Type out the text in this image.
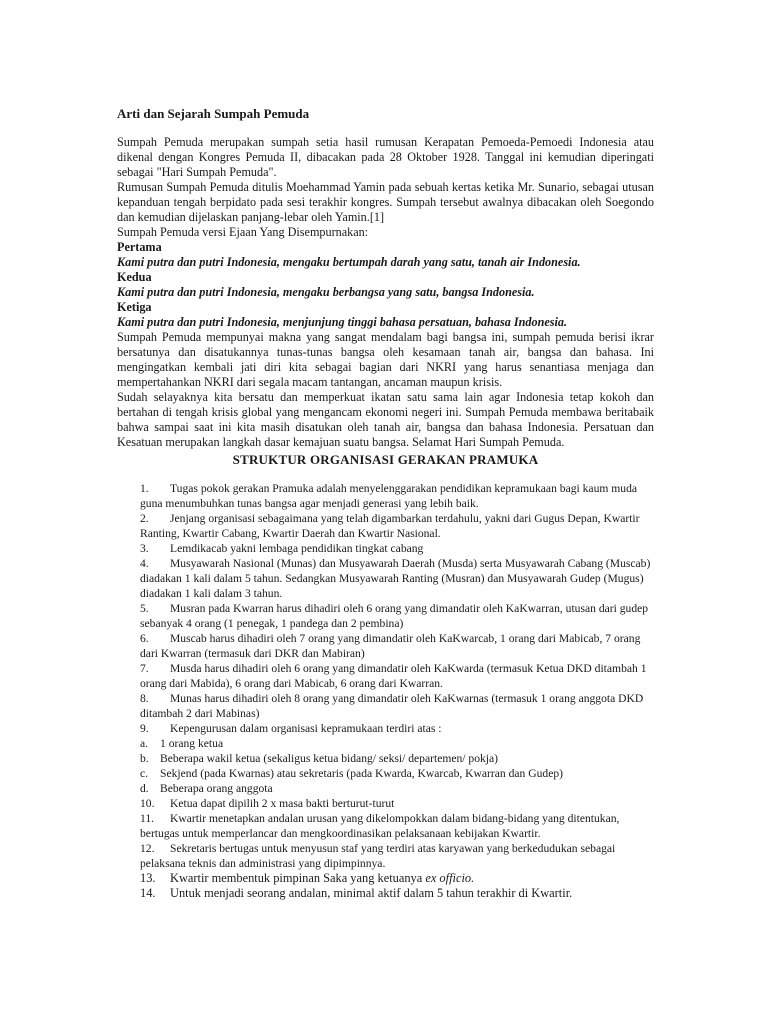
Arti dan Sejarah Sumpah Pemuda

Sumpah Pemuda merupakan sumpah setia hasil rumusan Kerapatan Pemoeda-Pemoedi Indonesia atau dikenal dengan Kongres Pemuda II, dibacakan pada 28 Oktober 1928. Tanggal ini kemudian diperingati sebagai "Hari Sumpah Pemuda".

Rumusan Sumpah Pemuda ditulis Moehammad Yamin pada sebuah kertas ketika Mr. Sunario, sebagai utusan kepanduan tengah berpidato pada sesi terakhir kongres. Sumpah tersebut awalnya dibacakan oleh Soegondo dan kemudian dijelaskan panjang-lebar oleh Yamin.[1]

Sumpah Pemuda versi Ejaan Yang Disempurnakan:

Pertama

Kami putra dan putri Indonesia, mengaku bertumpah darah yang satu, tanah air Indonesia.

Kedua

Kami putra dan putri Indonesia, mengaku berbangsa yang satu, bangsa Indonesia.

Ketiga

Kami putra dan putri Indonesia, menjunjung tinggi bahasa persatuan, bahasa Indonesia.

Sumpah Pemuda mempunyai makna yang sangat mendalam bagi bangsa ini, sumpah pemuda berisi ikrar bersatunya dan disatukannya tunas-tunas bangsa oleh kesamaan tanah air, bangsa dan bahasa. Ini mengingatkan kembali jati diri kita sebagai bagian dari NKRI yang harus senantiasa menjaga dan mempertahankan NKRI dari segala macam tantangan, ancaman maupun krisis.

Sudah selayaknya kita bersatu dan memperkuat ikatan satu sama lain agar Indonesia tetap kokoh dan bertahan di tengah krisis global yang mengancam ekonomi negeri ini. Sumpah Pemuda membawa beritabaik bahwa sampai saat ini kita masih disatukan oleh tanah air, bangsa dan bahasa Indonesia. Persatuan dan Kesatuan merupakan langkah dasar kemajuan suatu bangsa. Selamat Hari Sumpah Pemuda.

STRUKTUR ORGANISASI GERAKAN PRAMUKA

1. Tugas pokok gerakan Pramuka adalah menyelenggarakan pendidikan kepramukaan bagi kaum muda guna menumbuhkan tunas bangsa agar menjadi generasi yang lebih baik.

2. Jenjang organisasi sebagaimana yang telah digambarkan terdahulu, yakni dari Gugus Depan, Kwartir Ranting, Kwartir Cabang, Kwartir Daerah dan Kwartir Nasional.

3. Lemdikacab yakni lembaga pendidikan tingkat cabang

4. Musyawarah Nasional (Munas) dan Musyawarah Daerah (Musda) serta Musyawarah Cabang (Muscab) diadakan 1 kali dalam 5 tahun. Sedangkan Musyawarah Ranting (Musran) dan Musyawarah Gudep (Mugus) diadakan 1 kali dalam 3 tahun.

5. Musran pada Kwarran harus dihadiri oleh 6 orang yang dimandatir oleh KaKwarran, utusan dari gudep sebanyak 4 orang (1 penegak, 1 pandega dan 2 pembina)

6. Muscab harus dihadiri oleh 7 orang yang dimandatir oleh KaKwarcab, 1 orang dari Mabicab, 7 orang dari Kwarran (termasuk dari DKR dan Mabiran)

7. Musda harus dihadiri oleh 6 orang yang dimandatir oleh KaKwarda (termasuk Ketua DKD ditambah 1 orang dari Mabida), 6 orang dari Mabicab, 6 orang dari Kwarran.

8. Munas harus dihadiri oleh 8 orang yang dimandatir oleh KaKwarnas (termasuk 1 orang anggota DKD ditambah 2 dari Mabinas)

9. Kepengurusan dalam organisasi kepramukaan terdiri atas :

a. 1 orang ketua

b. Beberapa wakil ketua (sekaligus ketua bidang/ seksi/ departemen/ pokja)

c. Sekjend (pada Kwarnas) atau sekretaris (pada Kwarda, Kwarcab, Kwarran dan Gudep)

d. Beberapa orang anggota

10. Ketua dapat dipilih 2 x masa bakti berturut-turut

11. Kwartir menetapkan andalan urusan yang dikelompokkan dalam bidang-bidang yang ditentukan, bertugas untuk memperlancar dan mengkoordinasikan pelaksanaan kebijakan Kwartir.

12. Sekretaris bertugas untuk menyusun staf yang terdiri atas karyawan yang berkedudukan sebagai pelaksana teknis dan administrasi yang dipimpinnya.

13. Kwartir membentuk pimpinan Saka yang ketuanya ex officio.

14. Untuk menjadi seorang andalan, minimal aktif dalam 5 tahun terakhir di Kwartir.
